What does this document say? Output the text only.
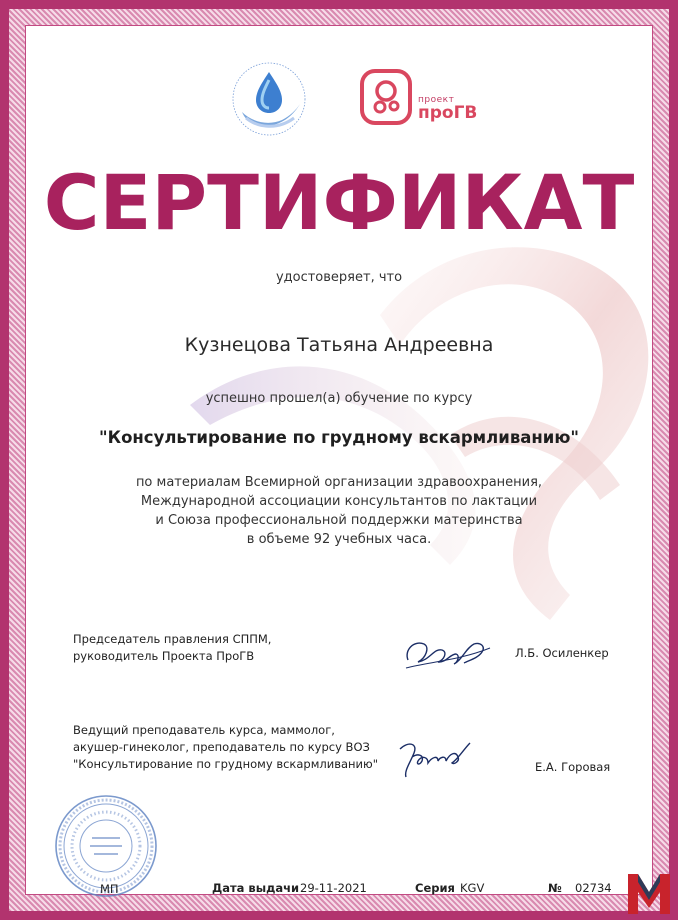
проект
проГВ
СЕРТИФИКАТ
удостоверяет, что
Кузнецова Татьяна Андреевна
успешно прошел(а) обучение по курсу
"Консультирование по грудному вскармливанию"
по материалам Всемирной организации здравоохранения,
Международной ассоциации консультантов по лактации
и Союза профессиональной поддержки материнства
в объеме 92 учебных часа.
Председатель правления СППМ,
руководитель Проекта ПроГВ	Л.Б. Осиленкер
Ведущий преподаватель курса, маммолог,
акушер-гинеколог, преподаватель по курсу ВОЗ
"Консультирование по грудному вскармливанию"	Е.А. Горовая
МП	Дата выдачи 29-11-2021	Серия KGV	№ 02734
